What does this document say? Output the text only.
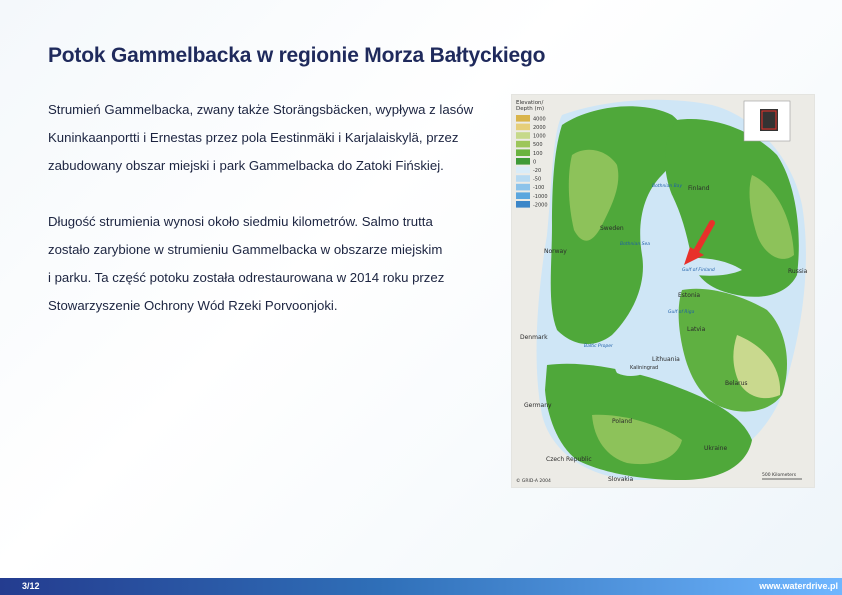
Potok Gammelbacka w regionie Morza Bałtyckiego

Strumień Gammelbacka, zwany także Storängsbäcken, wypływa z lasów
Kuninkaanportti i Ernestas przez pola Eestinmäki i Karjalaiskylä, przez
zabudowany obszar miejski i park Gammelbacka do Zatoki Fińskiej.

Długość strumienia wynosi około siedmiu kilometrów. Salmo trutta
zostało zarybione w strumieniu Gammelbacka w obszarze miejskim
i parku. Ta część potoku została odrestaurowana w 2014 roku przez
Stowarzyszenie Ochrony Wód Rzeki Porvoonjoki.

Elevation/ Depth (m)
4000
2000
1000
500
100
0
-20
-50
-100
-1000
-2000
Norway
Sweden
Finland
Russia
Estonia
Latvia
Lithuania
Kaliningrad
Belarus
Poland
Germany
Denmark
Czech Republic
Slovakia
Ukraine
Gulf of Finland
Gulf of Riga
Bothnian Sea
Bothnian Bay
Baltic Proper
500 Kilometers
© GRID-A 2004
3/12	www.waterdrive.pl
